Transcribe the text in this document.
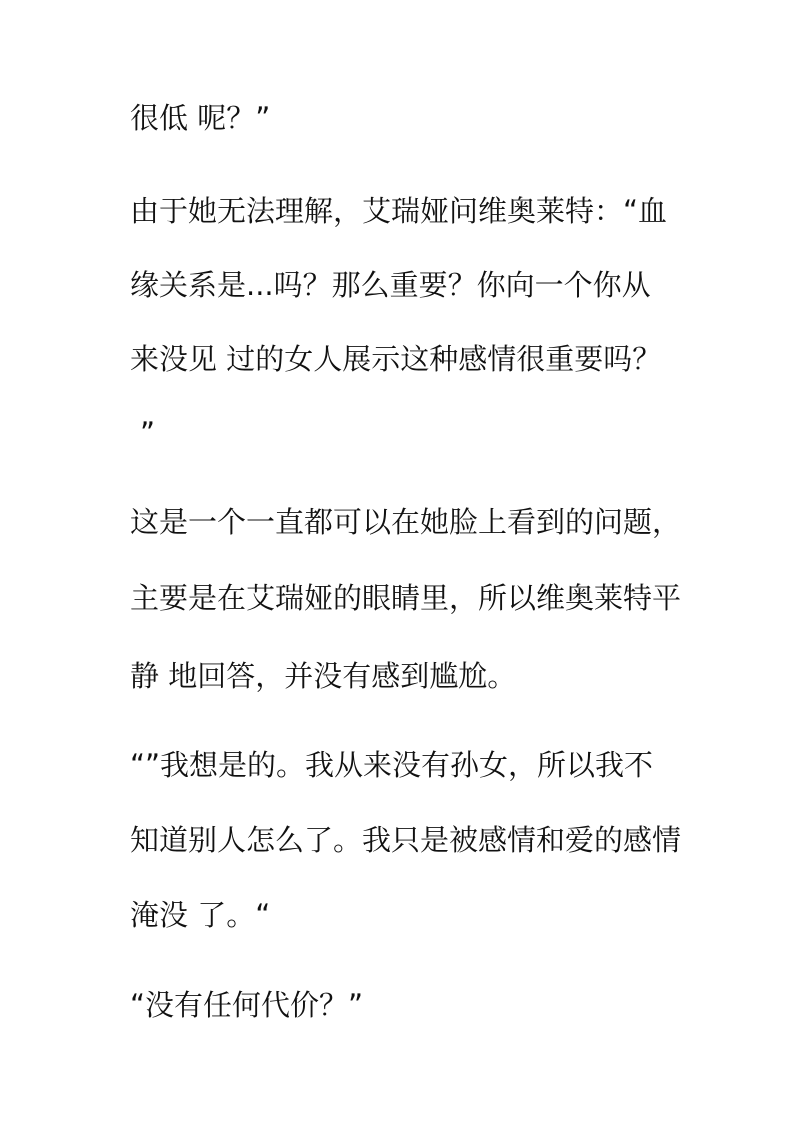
很低 呢？”
由于她无法理解，艾瑞娅问维奥莱特：“血
缘关系是...吗？那么重要？你向一个你从
来没见 过的女人展示这种感情很重要吗？
”
这是一个一直都可以在她脸上看到的问题，
主要是在艾瑞娅的眼睛里，所以维奥莱特平
静 地回答，并没有感到尴尬。
“”我想是的。我从来没有孙女，所以我不
知道别人怎么了。我只是被感情和爱的感情
淹没 了。“
“没有任何代价？”
